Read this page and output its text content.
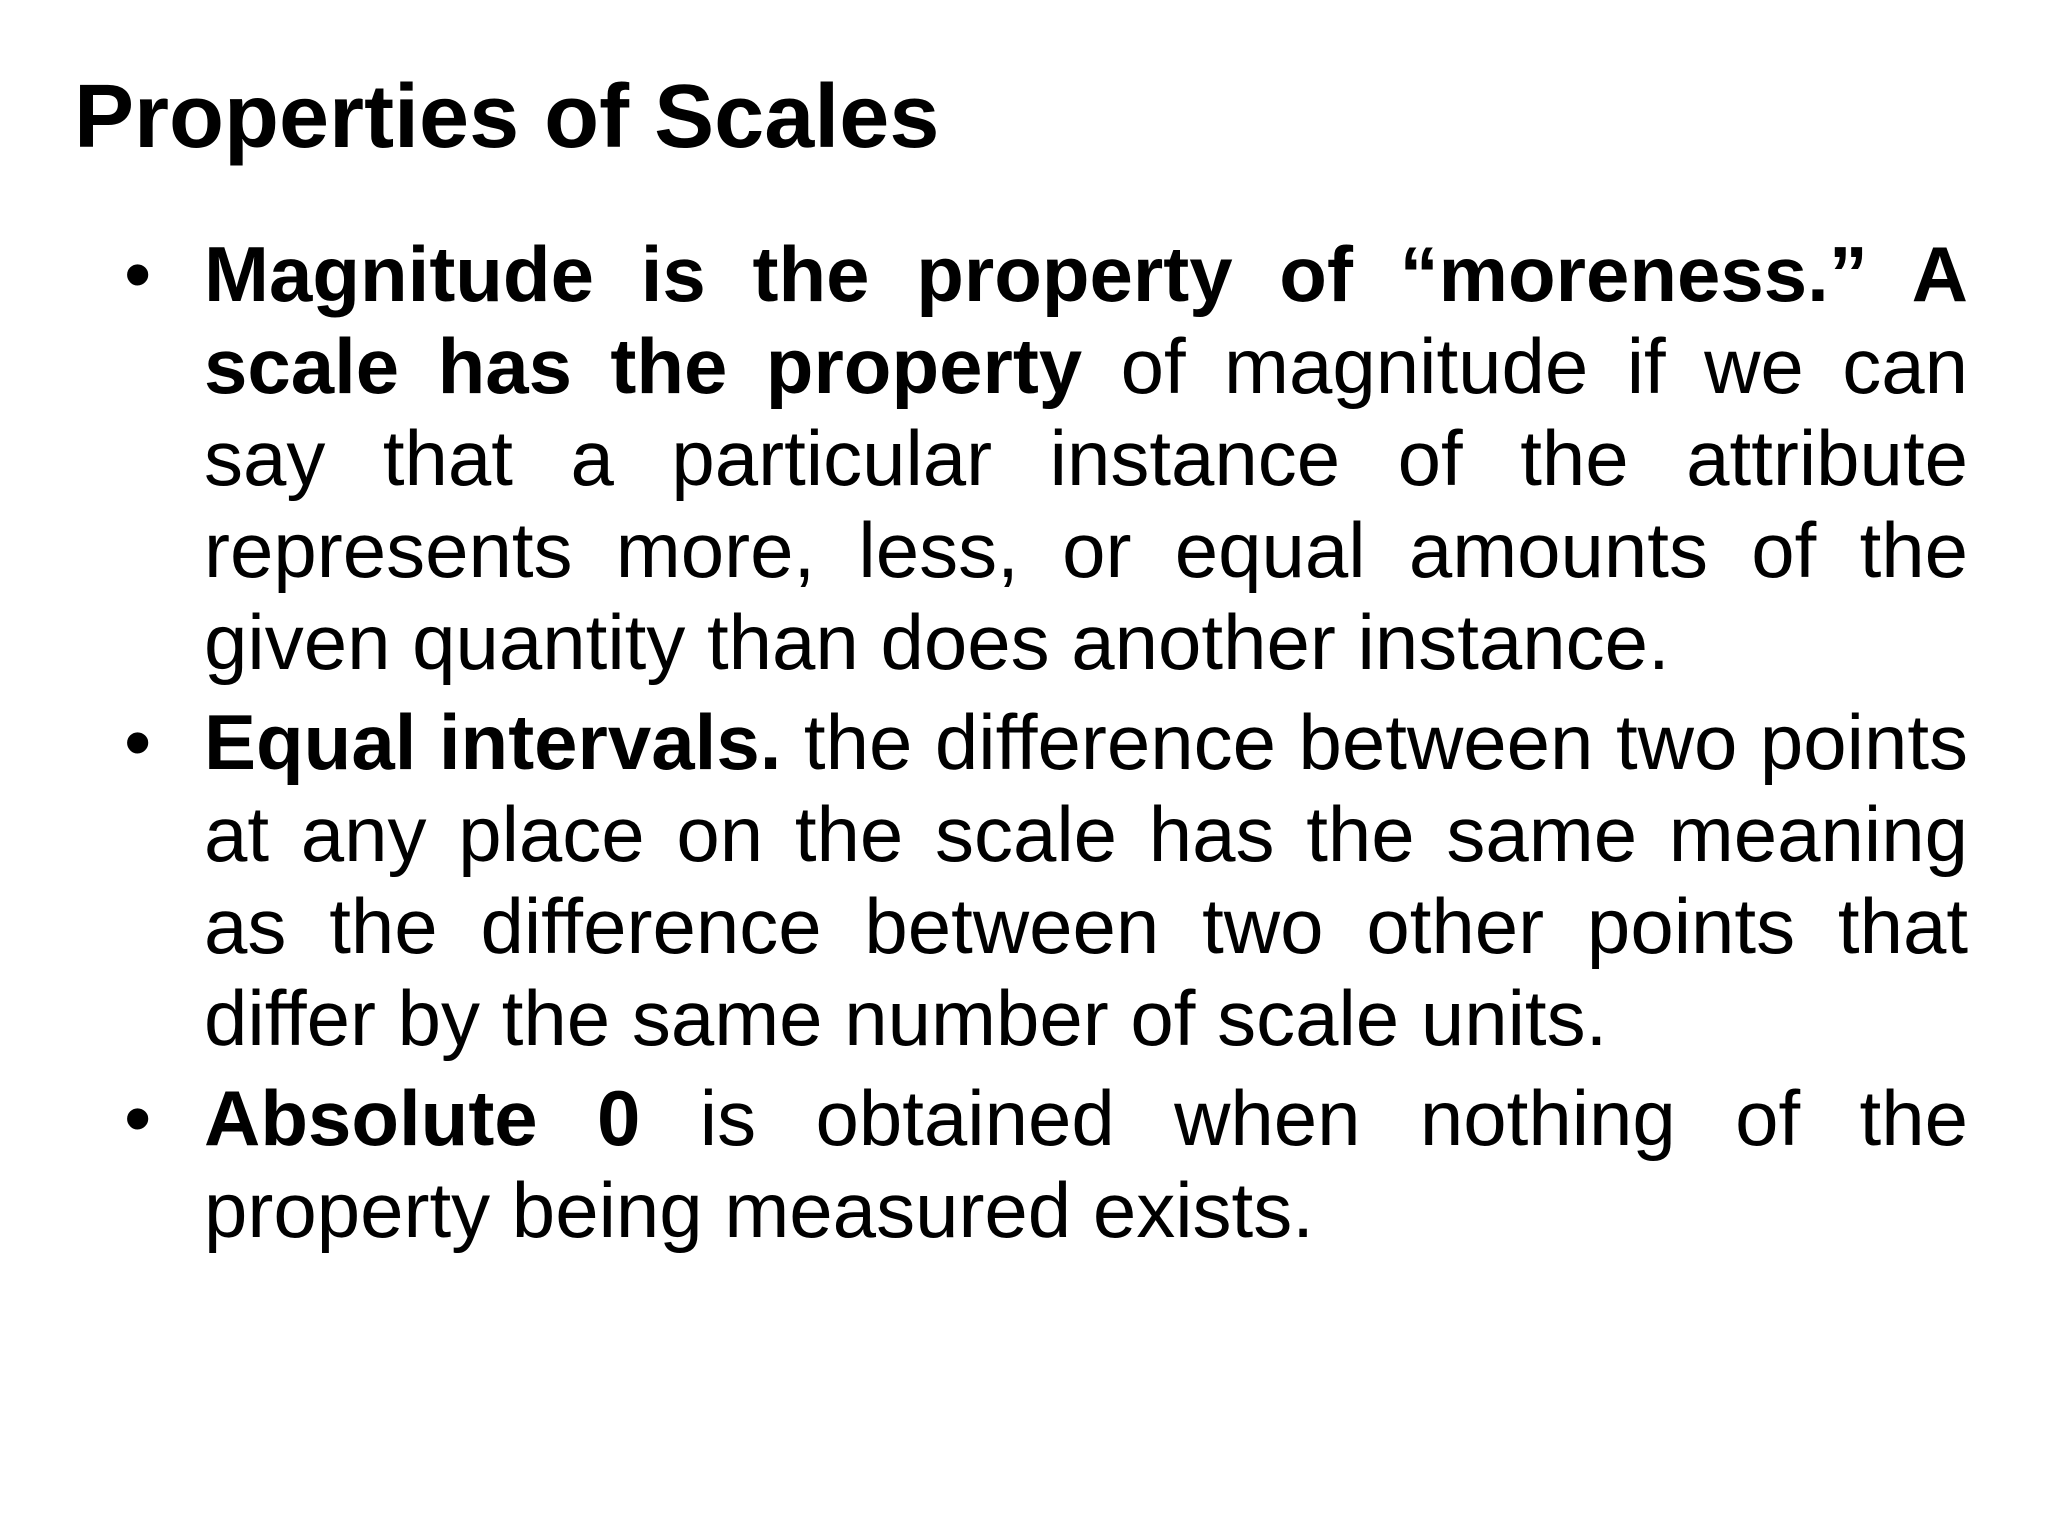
Properties of Scales
• Magnitude is the property of “moreness.” A scale has the property of magnitude if we can say that a particular instance of the attribute represents more, less, or equal amounts of the given quantity than does another instance.
• Equal intervals. the difference between two points at any place on the scale has the same meaning as the difference between two other points that differ by the same number of scale units.
• Absolute 0 is obtained when nothing of the property being measured exists.
